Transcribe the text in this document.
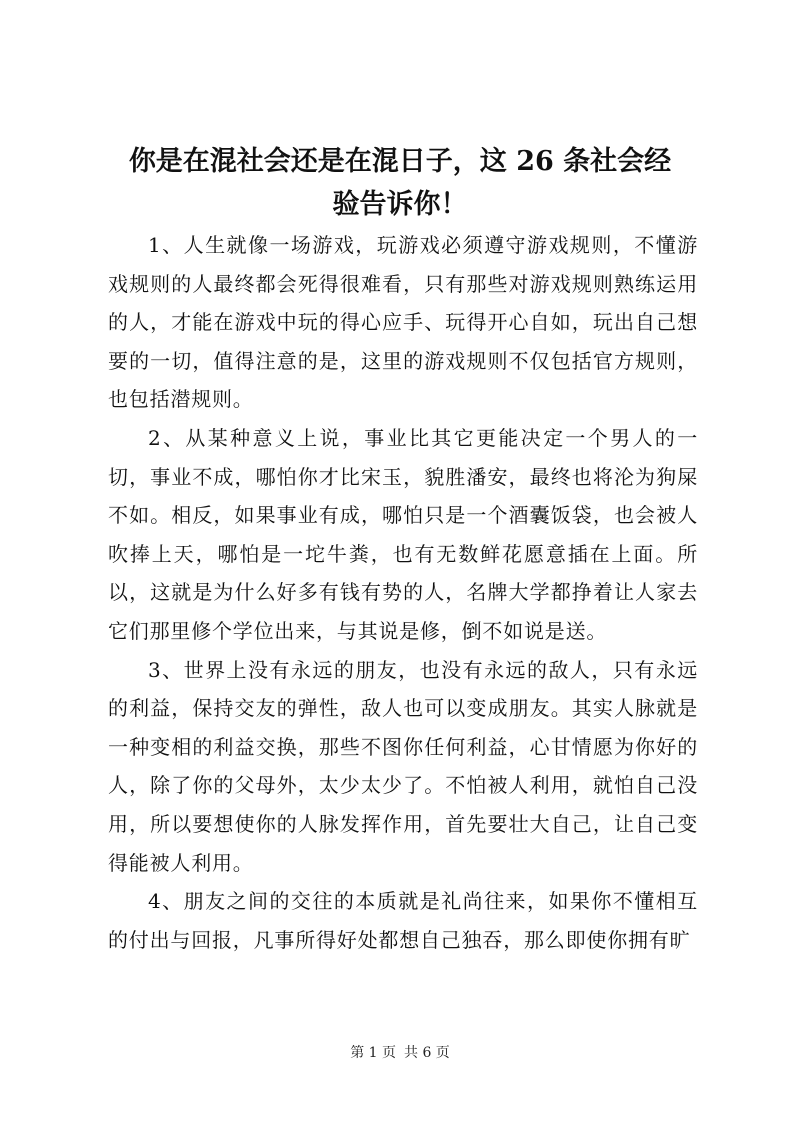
你是在混社会还是在混日子，这 26 条社会经
验告诉你！

1、人生就像一场游戏，玩游戏必须遵守游戏规则，不懂游戏规则的人最终都会死得很难看，只有那些对游戏规则熟练运用的人，才能在游戏中玩的得心应手、玩得开心自如，玩出自己想要的一切，值得注意的是，这里的游戏规则不仅包括官方规则，也包括潜规则。

2、从某种意义上说，事业比其它更能决定一个男人的一切，事业不成，哪怕你才比宋玉，貌胜潘安，最终也将沦为狗屎不如。相反，如果事业有成，哪怕只是一个酒囊饭袋，也会被人吹捧上天，哪怕是一坨牛粪，也有无数鲜花愿意插在上面。所以，这就是为什么好多有钱有势的人，名牌大学都挣着让人家去它们那里修个学位出来，与其说是修，倒不如说是送。

3、世界上没有永远的朋友，也没有永远的敌人，只有永远的利益，保持交友的弹性，敌人也可以变成朋友。其实人脉就是一种变相的利益交换，那些不图你任何利益，心甘情愿为你好的人，除了你的父母外，太少太少了。不怕被人利用，就怕自己没用，所以要想使你的人脉发挥作用，首先要壮大自己，让自己变得能被人利用。

4、朋友之间的交往的本质就是礼尚往来，如果你不懂相互的付出与回报，凡事所得好处都想自己独吞，那么即使你拥有旷

第 1 页 共 6 页
